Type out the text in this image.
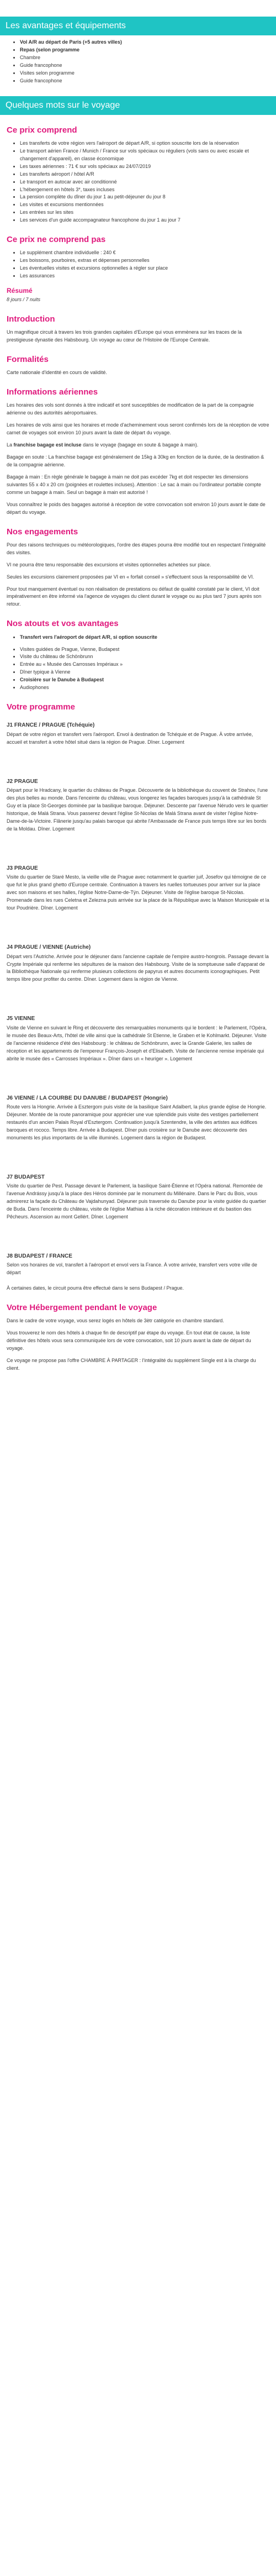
Les avantages et équipements
• Vol A/R au départ de Paris (+5 autres villes)
• Repas (selon programme
• Chambre
• Guide francophone
• Visites selon programme
• Guide francophone
Quelques mots sur le voyage
Ce prix comprend
• Les transferts de votre région vers l'aéroport de départ A/R, si option souscrite lors de la réservation
• Le transport aérien France / Munich / France sur vols spéciaux ou réguliers (vols sans ou avec escale et changement d'appareil), en classe économique
• Les taxes aériennes : 71 € sur vols spéciaux au 24/07/2019
• Les transferts aéroport / hôtel A/R
• Le transport en autocar avec air conditionné
• L'hébergement en hôtels 3*, taxes incluses
• La pension complète du dîner du jour 1 au petit-déjeuner du jour 8
• Les visites et excursions mentionnées
• Les entrées sur les sites
• Les services d'un guide accompagnateur francophone du jour 1 au jour 7
Ce prix ne comprend pas
• Le supplément chambre individuelle : 240 €
• Les boissons, pourboires, extras et dépenses personnelles
• Les éventuelles visites et excursions optionnelles à régler sur place
• Les assurances
Résumé

8 jours / 7 nuits

Introduction

Un magnifique circuit à travers les trois grandes capitales d'Europe qui vous emmènera sur les traces de la prestigieuse dynastie des Habsbourg. Un voyage au cœur de l'Histoire de l'Europe Centrale.

Formalités

Carte nationale d'identité en cours de validité.

Informations aériennes

Les horaires des vols sont donnés à titre indicatif et sont susceptibles de modification de la part de la compagnie aérienne ou des autorités aéroportuaires.

Les horaires de vols ainsi que les horaires et mode d'acheminement vous seront confirmés lors de la réception de votre carnet de voyages soit environ 10 jours avant la date de départ du voyage.

La franchise bagage est incluse dans le voyage (bagage en soute & bagage à main).

Bagage en soute : La franchise bagage est généralement de 15kg à 30kg en fonction de la durée, de la destination & de la compagnie aérienne.

Bagage à main : En règle générale le bagage à main ne doit pas excéder 7kg et doit respecter les dimensions suivantes 55 x 40 x 20 cm (poignées et roulettes incluses). Attention : Le sac à main ou l'ordinateur portable compte comme un bagage à main. Seul un bagage à main est autorisé !

Vous connaîtrez le poids des bagages autorisé à réception de votre convocation soit environ 10 jours avant le date de départ du voyage.

Nos engagements

Pour des raisons techniques ou météorologiques, l'ordre des étapes pourra être modifié tout en respectant l'intégralité des visites.

VI ne pourra être tenu responsable des excursions et visites optionnelles achetées sur place.

Seules les excursions clairement proposées par VI en « forfait conseil » s'effectuent sous la responsabilité de VI.

Pour tout manquement éventuel ou non réalisation de prestations ou défaut de qualité constaté par le client, VI doit impérativement en être informé via l'agence de voyages du client durant le voyage ou au plus tard 7 jours après son retour.

Nos atouts et vos avantages
• Transfert vers l'aéroport de départ A/R, si option souscrite
• Visites guidées de Prague, Vienne, Budapest
• Visite du château de Schönbrunn
• Entrée au « Musée des Carrosses Impériaux »
• Dîner typique à Vienne
• Croisière sur le Danube à Budapest
• Audiophones
Votre programme
J1 FRANCE / PRAGUE (Tchéquie)

Départ de votre région et transfert vers l'aéroport. Envol à destination de Tchéquie et de Prague. À votre arrivée, accueil et transfert à votre hôtel situé dans la région de Prague. Dîner. Logement

J2 PRAGUE

Départ pour le Hradcany, le quartier du château de Prague. Découverte de la bibliothèque du couvent de Strahov, l'une des plus belles au monde. Dans l'enceinte du château, vous longerez les façades baroques jusqu'à la cathédrale St Guy et la place St-Georges dominée par la basilique baroque. Déjeuner. Descente par l'avenue Nérudo vers le quartier historique, de Malá Strana. Vous passerez devant l'église St-Nicolas de Malá Strana avant de visiter l'église Notre-Dame-de-la-Victoire. Flânerie jusqu'au palais baroque qui abrite l'Ambassade de France puis temps libre sur les bords de la Moldau. Dîner. Logement

J3 PRAGUE

Visite du quartier de Staré Mesto, la vieille ville de Prague avec notamment le quartier juif, Josefov qui témoigne de ce que fut le plus grand ghetto d'Europe centrale. Continuation à travers les ruelles tortueuses pour arriver sur la place avec son maisons et ses halles, l'église Notre-Dame-de-Týn. Déjeuner. Visite de l'église baroque St-Nicolas. Promenade dans les rues Celetna et Zelezna puis arrivée sur la place de la République avec la Maison Municipale et la tour Poudrière. Dîner. Logement

J4 PRAGUE / VIENNE (Autriche)

Départ vers l'Autriche. Arrivée pour le déjeuner dans l'ancienne capitale de l'empire austro-hongrois. Passage devant la Crypte Impériale qui renferme les sépultures de la maison des Habsbourg. Visite de la somptueuse salle d'apparat de la Bibliothèque Nationale qui renferme plusieurs collections de papyrus et autres documents iconographiques. Petit temps libre pour profiter du centre. Dîner. Logement dans la région de Vienne.

J5 VIENNE

Visite de Vienne en suivant le Ring et découverte des remarquables monuments qui le bordent : le Parlement, l'Opéra, le musée des Beaux-Arts, l'hôtel de ville ainsi que la cathédrale St Etienne, le Graben et le Kohlmarkt. Déjeuner. Visite de l'ancienne résidence d'été des Habsbourg : le château de Schönbrunn, avec la Grande Galerie, les salles de réception et les appartements de l'empereur François-Joseph et d'Elisabeth. Visite de l'ancienne remise impériale qui abrite le musée des « Carrosses Impériaux ». Dîner dans un « heuriger ». Logement

J6 VIENNE / LA COURBE DU DANUBE / BUDAPEST (Hongrie)

Route vers la Hongrie. Arrivée à Esztergom puis visite de la basilique Saint Adalbert, la plus grande église de Hongrie. Déjeuner. Montée de la route panoramique pour apprécier une vue splendide puis visite des vestiges partiellement restaurés d'un ancien Palais Royal d'Esztergom. Continuation jusqu'à Szentendre, la ville des artistes aux édifices baroques et rococo. Temps libre. Arrivée à Budapest. Dîner puis croisière sur le Danube avec découverte des monuments les plus importants de la ville illuminés. Logement dans la région de Budapest.

J7 BUDAPEST

Visite du quartier de Pest. Passage devant le Parlement, la basilique Saint-Étienne et l'Opéra national. Remontée de l'avenue Andrássy jusqu'à la place des Héros dominée par le monument du Millénaire. Dans le Parc du Bois, vous admirerez la façade du Château de Vajdahunyad. Déjeuner puis traversée du Danube pour la visite guidée du quartier de Buda. Dans l'enceinte du château, visite de l'église Mathias à la riche décoration intérieure et du bastion des Pêcheurs. Ascension au mont Gellért. Dîner. Logement

J8 BUDAPEST / FRANCE

Selon vos horaires de vol, transfert à l'aéroport et envol vers la France. À votre arrivée, transfert vers votre ville de départ

À certaines dates, le circuit pourra être effectué dans le sens Budapest / Prague.

Votre Hébergement pendant le voyage

Dans le cadre de votre voyage, vous serez logés en hôtels de 3ètr catégorie en chambre standard.

Vous trouverez le nom des hôtels à chaque fin de descriptif par étape du voyage. En tout état de cause, la liste définitive des hôtels vous sera communiquée lors de votre convocation, soit 10 jours avant la date de départ du voyage.

Ce voyage ne propose pas l'offre CHAMBRE À PARTAGER : l'intégralité du supplément Single est à la charge du client.
